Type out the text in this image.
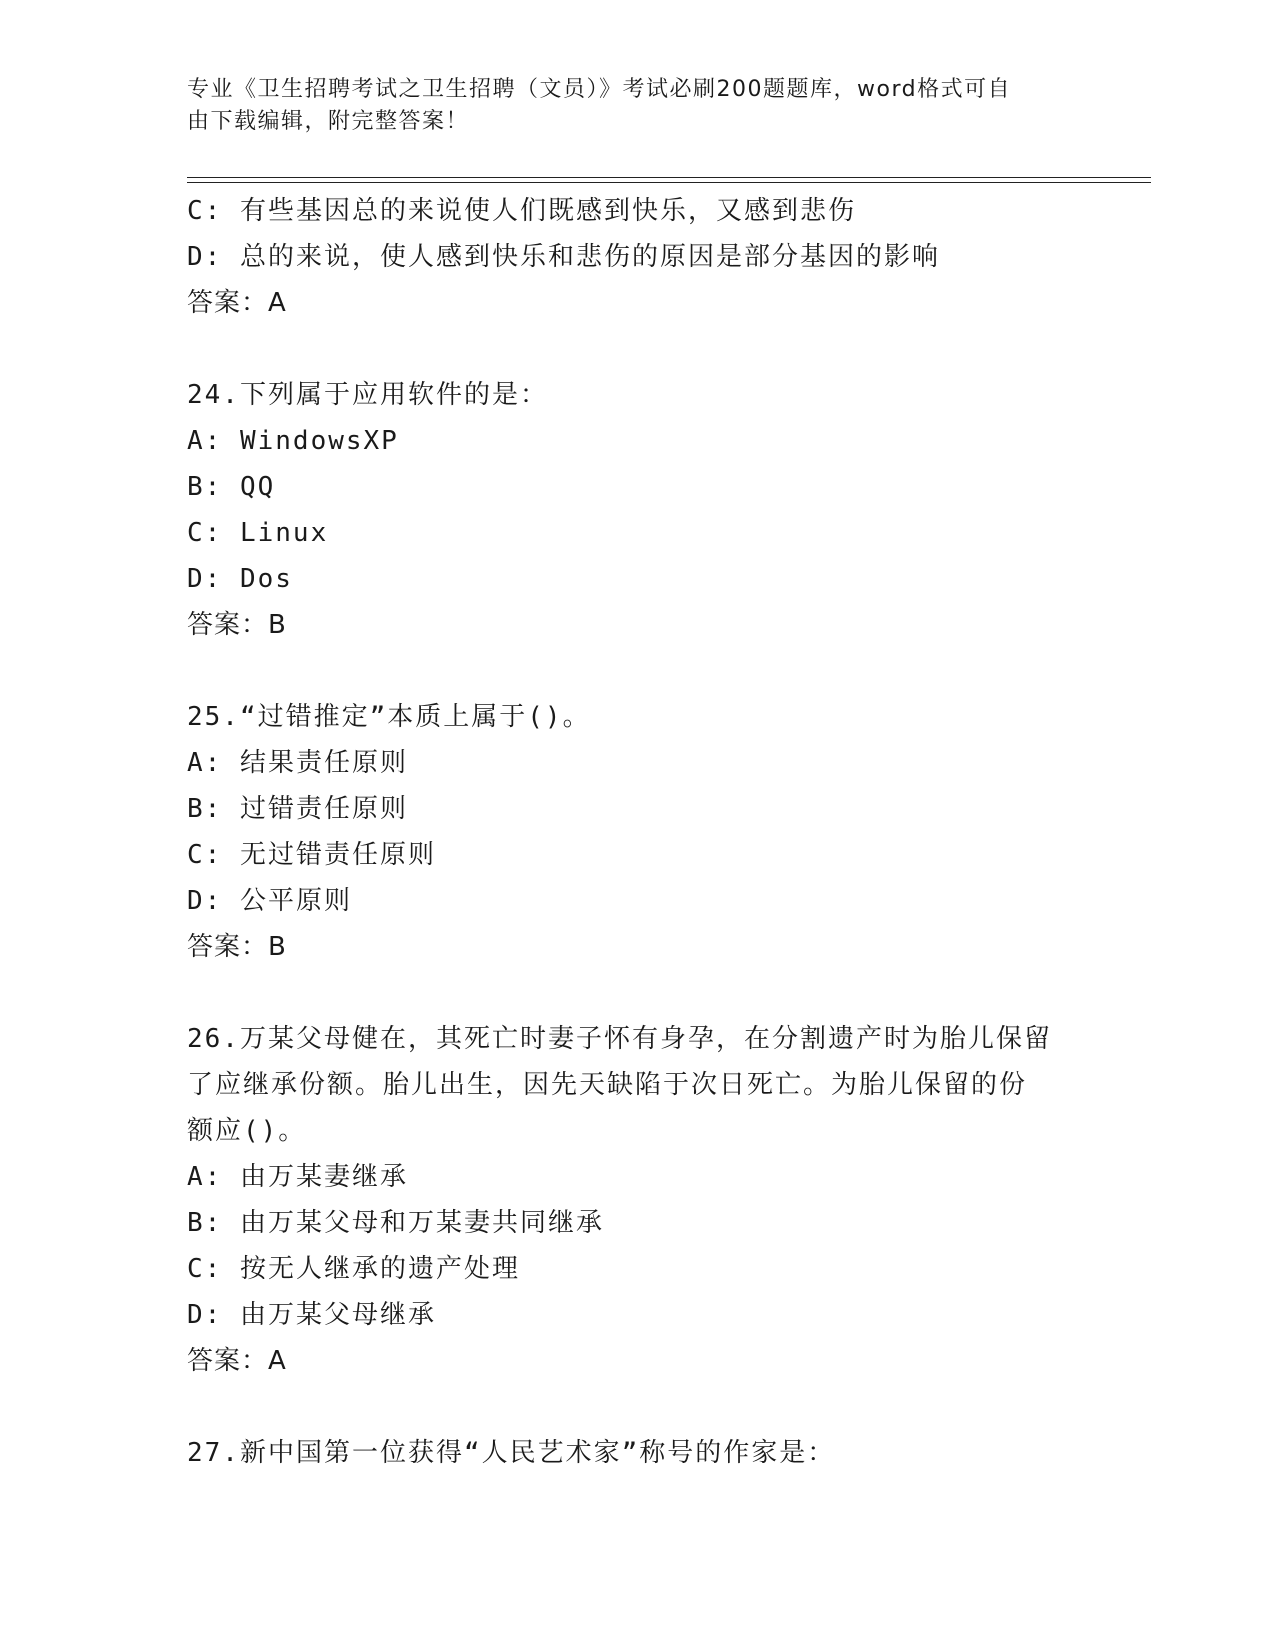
专业《卫生招聘考试之卫生招聘（文员）》考试必刷200题题库，word格式可自
由下载编辑，附完整答案！
C: 有些基因总的来说使人们既感到快乐，又感到悲伤
D: 总的来说，使人感到快乐和悲伤的原因是部分基因的影响
答案：A
24.下列属于应用软件的是：
A: WindowsXP
B: QQ
C: Linux
D: Dos
答案：B
25.“过错推定”本质上属于()。
A: 结果责任原则
B: 过错责任原则
C: 无过错责任原则
D: 公平原则
答案：B
26.万某父母健在，其死亡时妻子怀有身孕，在分割遗产时为胎儿保留
了应继承份额。胎儿出生，因先天缺陷于次日死亡。为胎儿保留的份
额应()。
A: 由万某妻继承
B: 由万某父母和万某妻共同继承
C: 按无人继承的遗产处理
D: 由万某父母继承
答案：A
27.新中国第一位获得“人民艺术家”称号的作家是：
